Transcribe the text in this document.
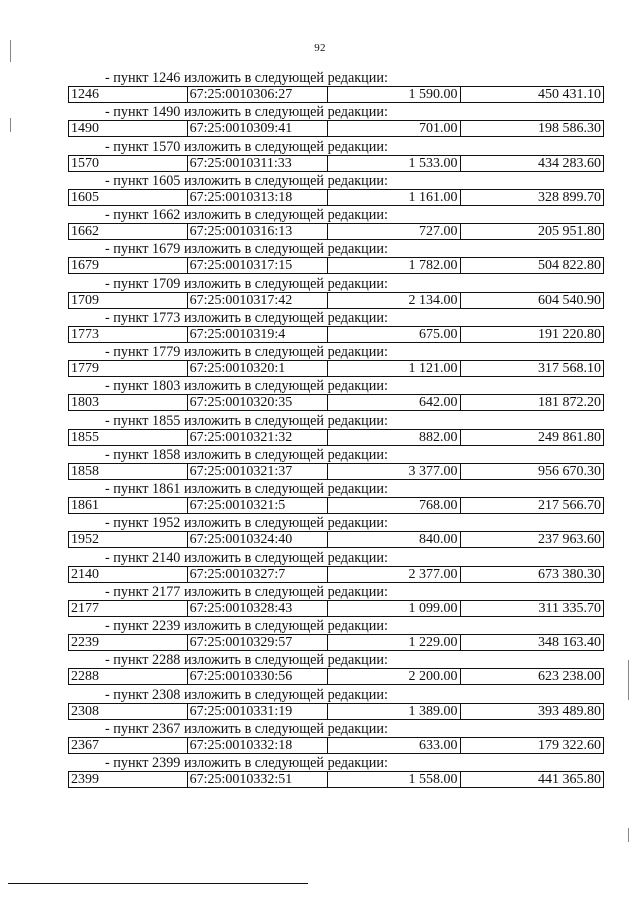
92
- пункт 1246 изложить в следующей редакции:
1246	67:25:0010306:27	1 590.00	450 431.10
- пункт 1490 изложить в следующей редакции:
1490	67:25:0010309:41	701.00	198 586.30
- пункт 1570 изложить в следующей редакции:
1570	67:25:0010311:33	1 533.00	434 283.60
- пункт 1605 изложить в следующей редакции:
1605	67:25:0010313:18	1 161.00	328 899.70
- пункт 1662 изложить в следующей редакции:
1662	67:25:0010316:13	727.00	205 951.80
- пункт 1679 изложить в следующей редакции:
1679	67:25:0010317:15	1 782.00	504 822.80
- пункт 1709 изложить в следующей редакции:
1709	67:25:0010317:42	2 134.00	604 540.90
- пункт 1773 изложить в следующей редакции:
1773	67:25:0010319:4	675.00	191 220.80
- пункт 1779 изложить в следующей редакции:
1779	67:25:0010320:1	1 121.00	317 568.10
- пункт 1803 изложить в следующей редакции:
1803	67:25:0010320:35	642.00	181 872.20
- пункт 1855 изложить в следующей редакции:
1855	67:25:0010321:32	882.00	249 861.80
- пункт 1858 изложить в следующей редакции:
1858	67:25:0010321:37	3 377.00	956 670.30
- пункт 1861 изложить в следующей редакции:
1861	67:25:0010321:5	768.00	217 566.70
- пункт 1952 изложить в следующей редакции:
1952	67:25:0010324:40	840.00	237 963.60
- пункт 2140 изложить в следующей редакции:
2140	67:25:0010327:7	2 377.00	673 380.30
- пункт 2177 изложить в следующей редакции:
2177	67:25:0010328:43	1 099.00	311 335.70
- пункт 2239 изложить в следующей редакции:
2239	67:25:0010329:57	1 229.00	348 163.40
- пункт 2288 изложить в следующей редакции:
2288	67:25:0010330:56	2 200.00	623 238.00
- пункт 2308 изложить в следующей редакции:
2308	67:25:0010331:19	1 389.00	393 489.80
- пункт 2367 изложить в следующей редакции:
2367	67:25:0010332:18	633.00	179 322.60
- пункт 2399 изложить в следующей редакции:
2399	67:25:0010332:51	1 558.00	441 365.80
